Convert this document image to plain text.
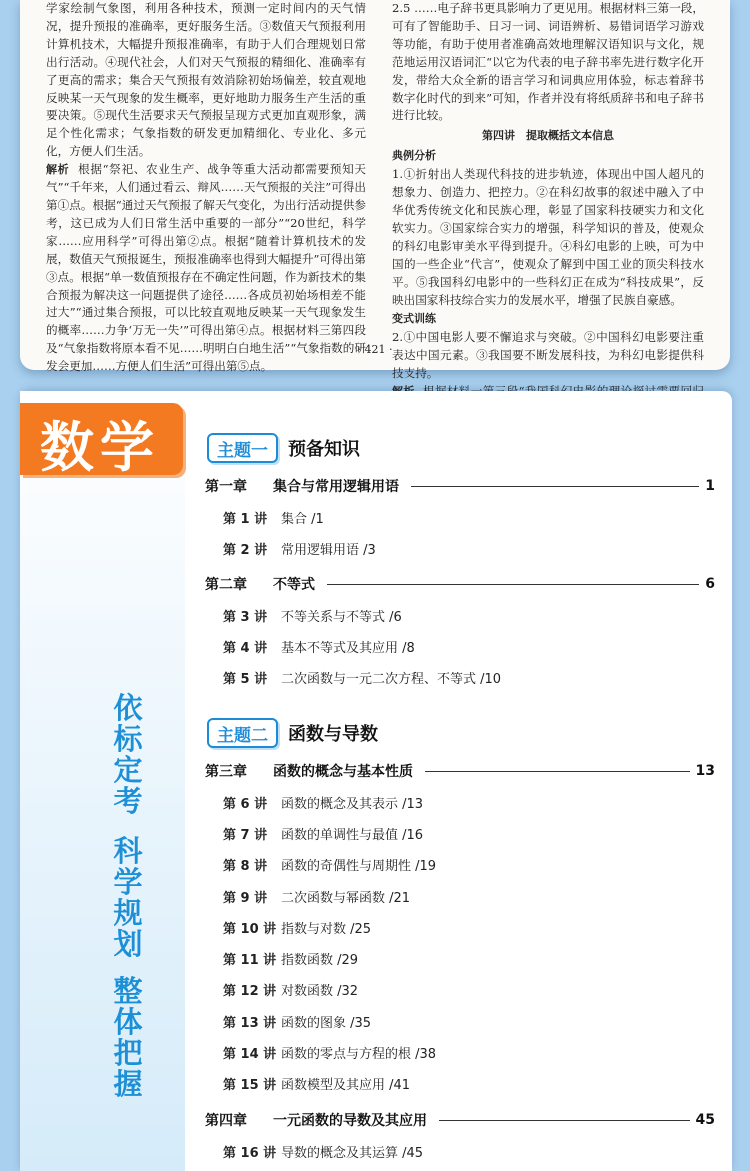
学家绘制气象图，利用各种技术，预测一定时间内的天气情况，提升预报的准确率，更好服务生活。③数值天气预报利用计算机技术，大幅提升预报准确率，有助于人们合理规划日常出行活动。④现代社会，人们对天气预报的精细化、准确率有了更高的需求；集合天气预报有效消除初始场偏差，较直观地反映某一天气现象的发生概率，更好地助力服务生产生活的重要决策。⑤现代生活要求天气预报呈现方式更加直观形象，满足个性化需求；气象指数的研发更加精细化、专业化、多元化，方便人们生活。

解析 根据“祭祀、农业生产、战争等重大活动都需要预知天气”“千年来，人们通过看云、辩风……天气预报的关注”可得出第①点。根据“通过天气预报了解天气变化，为出行活动提供参考，这已成为人们日常生活中重要的一部分”“20世纪，科学家……应用科学”可得出第②点。根据“随着计算机技术的发展，数值天气预报诞生，预报准确率也得到大幅提升”可得出第③点。根据“单一数值预报存在不确定性问题，作为新技术的集合预报为解决这一问题提供了途径……各成员初始场相差不能过大”“通过集合预报，可以比较直观地反映某一天气现象发生的概率……力争‘万无一失’”可得出第④点。根据材料三第四段及“气象指数将原本看不见……明明白白地生活”“气象指数的研发会更加……方便人们生活”可得出第⑤点。

2.5 ……电子辞书更具影响力了更见用。根据材料三第一段，可有了智能助手、日习一词、词语辨析、易错词语学习游戏等功能，有助于使用者准确高效地理解汉语知识与文化，规范地运用汉语词汇“以它为代表的电子辞书率先进行数字化开发，带给大众全新的语言学习和词典应用体验，标志着辞书数字化时代的到来”可知，作者并没有将纸质辞书和电子辞书进行比较。

第四讲　提取概括文本信息
典例分析

1.①折射出人类现代科技的进步轨迹，体现出中国人超凡的想象力、创造力、把控力。②在科幻故事的叙述中融入了中华优秀传统文化和民族心理，彰显了国家科技硬实力和文化软实力。③国家综合实力的增强，科学知识的普及，使观众的科幻电影审美水平得到提升。④科幻电影的上映，可为中国的一些企业“代言”，使观众了解到中国工业的顶尖科技水平。⑤我国科幻电影中的一些科幻正在成为“科技成果”，反映出国家科技综合实力的发展水平，增强了民族自豪感。

变式训练

2.①中国电影人要不懈追求与突破。②中国科幻电影要注重表达中国元素。③我国要不断发展科技，为科幻电影提供科技支持。

· 421 ·
数学
依
标
定
考
科
学
规
划
整
体
把
握
主题一	预备知识
第一章	集合与常用逻辑用语	1
第 1 讲	集合 /1
第 2 讲	常用逻辑用语 /3
第二章	不等式	6
第 3 讲	不等关系与不等式 /6
第 4 讲	基本不等式及其应用 /8
第 5 讲	二次函数与一元二次方程、不等式 /10
主题二	函数与导数
第三章	函数的概念与基本性质	13
第 6 讲	函数的概念及其表示 /13
第 7 讲	函数的单调性与最值 /16
第 8 讲	函数的奇偶性与周期性 /19
第 9 讲	二次函数与幂函数 /21
第 10 讲 指数与对数 /25
第 11 讲 指数函数 /29
第 12 讲 对数函数 /32
第 13 讲 函数的图象 /35
第 14 讲 函数的零点与方程的根 /38
第 15 讲 函数模型及其应用 /41
第四章	一元函数的导数及其应用	45
第 16 讲 导数的概念及其运算 /45
